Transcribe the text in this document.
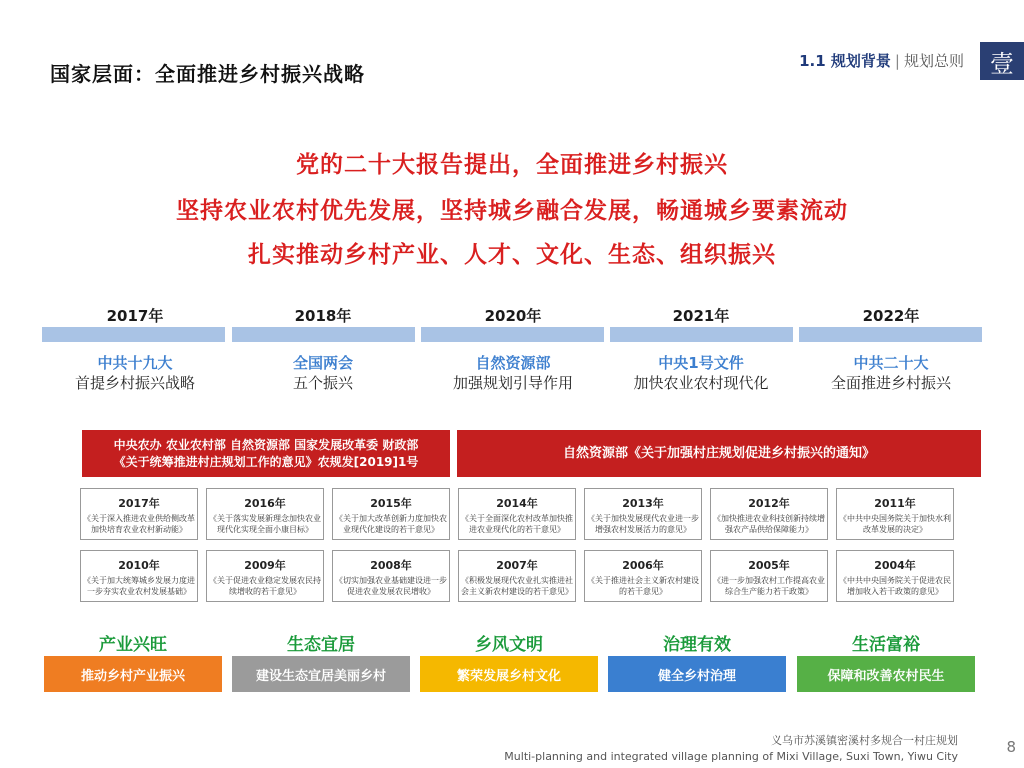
国家层面：全面推进乡村振兴战略
1.1 规划背景 | 规划总则	壹
党的二十大报告提出，全面推进乡村振兴
坚持农业农村优先发展，坚持城乡融合发展，畅通城乡要素流动
扎实推动乡村产业、人才、文化、生态、组织振兴
2017年	2018年	2020年	2021年	2022年
中共十九大	全国两会	自然资源部	中央1号文件	中共二十大
首提乡村振兴战略	五个振兴	加强规划引导作用	加快农业农村现代化	全面推进乡村振兴
中央农办 农业农村部 自然资源部 国家发展改革委 财政部
《关于统筹推进村庄规划工作的意见》农规发[2019]1号
自然资源部《关于加强村庄规划促进乡村振兴的通知》
2017年
《关于深入推进农业供给侧改革加快培育农业农村新动能》
2016年
《关于落实发展新理念加快农业现代化实现全面小康目标》
2015年
《关于加大改革创新力度加快农业现代化建设的若干意见》
2014年
《关于全面深化农村改革加快推进农业现代化的若干意见》
2013年
《关于加快发展现代农业进一步增强农村发展活力的意见》
2012年
《加快推进农业科技创新持续增强农产品供给保障能力》
2011年
《中共中央国务院关于加快水利改革发展的决定》
2010年
《关于加大统筹城乡发展力度进一步夯实农业农村发展基础》
2009年
《关于促进农业稳定发展农民持续增收的若干意见》
2008年
《切实加强农业基础建设进一步促进农业发展农民增收》
2007年
《积极发展现代农业扎实推进社会主义新农村建设的若干意见》
2006年
《关于推进社会主义新农村建设的若干意见》
2005年
《进一步加强农村工作提高农业综合生产能力若干政策》
2004年
《中共中央国务院关于促进农民增加收入若干政策的意见》
产业兴旺	生态宜居	乡风文明	治理有效	生活富裕
推动乡村产业振兴	建设生态宜居美丽乡村	繁荣发展乡村文化	健全乡村治理	保障和改善农村民生
义乌市苏溪镇密溪村多规合一村庄规划
Multi-planning and integrated village planning of Mixi Village, Suxi Town, Yiwu City
8
